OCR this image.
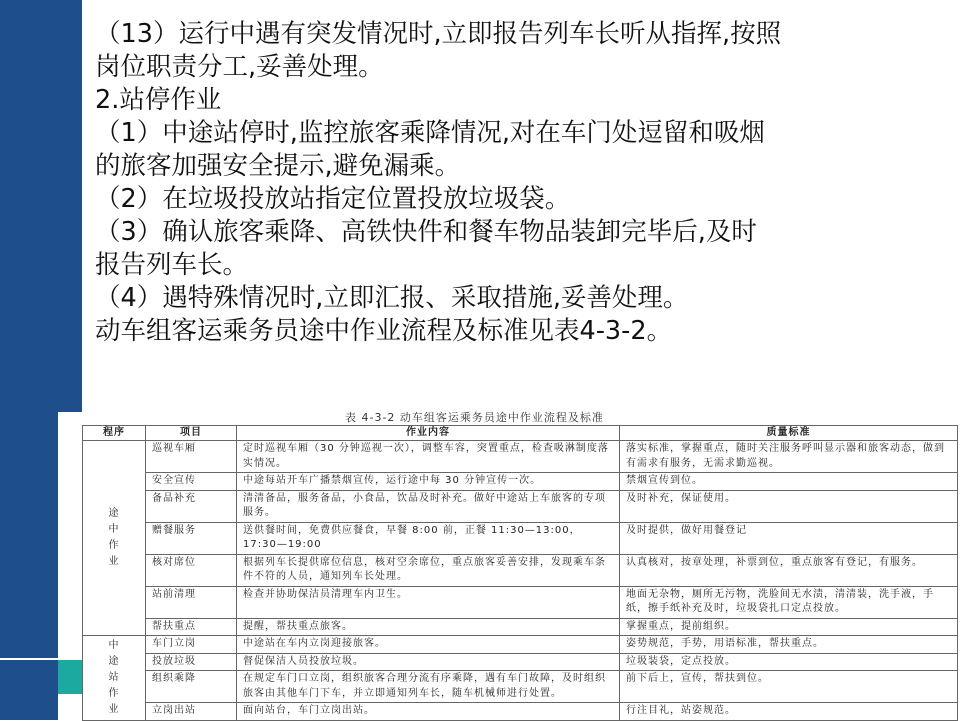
（13）运行中遇有突发情况时,立即报告列车长听从指挥,按照

岗位职责分工,妥善处理。

2.站停作业

（1）中途站停时,监控旅客乘降情况,对在车门处逗留和吸烟

的旅客加强安全提示,避免漏乘。

（2）在垃圾投放站指定位置投放垃圾袋。

（3）确认旅客乘降、高铁快件和餐车物品装卸完毕后,及时

报告列车长。

（4）遇特殊情况时,立即汇报、采取措施,妥善处理。

动车组客运乘务员途中作业流程及标准见表4-3-2。

表 4-3-2 动车组客运乘务员途中作业流程及标准
程序	项目	作业内容	质量标准
途中作业	巡视车厢	定时巡视车厢（30 分钟巡视一次），调整车容，突置重点，检查吸淋制度落实情况。	落实标准，掌握重点，随时关注服务呼叫显示器和旅客动态，做到有需求有服务，无需求勤巡视。
	安全宣传	中途每站开车广播禁烟宣传，运行途中每 30 分钟宣传一次。	禁烟宣传到位。
	备品补充	清清备品，服务备品，小食品，饮品及时补充。做好中途站上车旅客的专项服务。	及时补充，保证使用。
	赠餐服务	送供餐时间，免费供应餐食，早餐 8:00 前，正餐 11:30—13:00，17:30—19:00	及时提供，做好用餐登记
	核对席位	根据列车长提供席位信息，核对空余席位，重点旅客妥善安排，发现乘车条件不符的人员，通知列车长处理。	认真核对，按章处理，补票到位，重点旅客有登记，有服务。
	站前清理	检查并协助保洁员清理车内卫生。	地面无杂物，厕所无污物，洗脸间无水渍，清清装，洗手液，手纸，擦手纸补充及时，垃圾袋扎口定点投放。
	帮扶重点	提醒，帮扶重点旅客。	掌握重点，提前组织。
中途站作业	车门立岗	中途站在车内立岗迎接旅客。	姿势规范，手势，用语标准，帮扶重点。
	投放垃圾	督促保洁人员投放垃圾。	垃圾装袋，定点投放。
	组织乘降	在规定车门口立岗，组织旅客合理分流有序乘降，遇有车门故障，及时组织旅客由其他车门下车，并立即通知列车长，随车机械师进行处置。	前下后上，宣传，帮扶到位。
	立岗出站	面向站台，车门立岗出站。	行注目礼，站姿规范。
